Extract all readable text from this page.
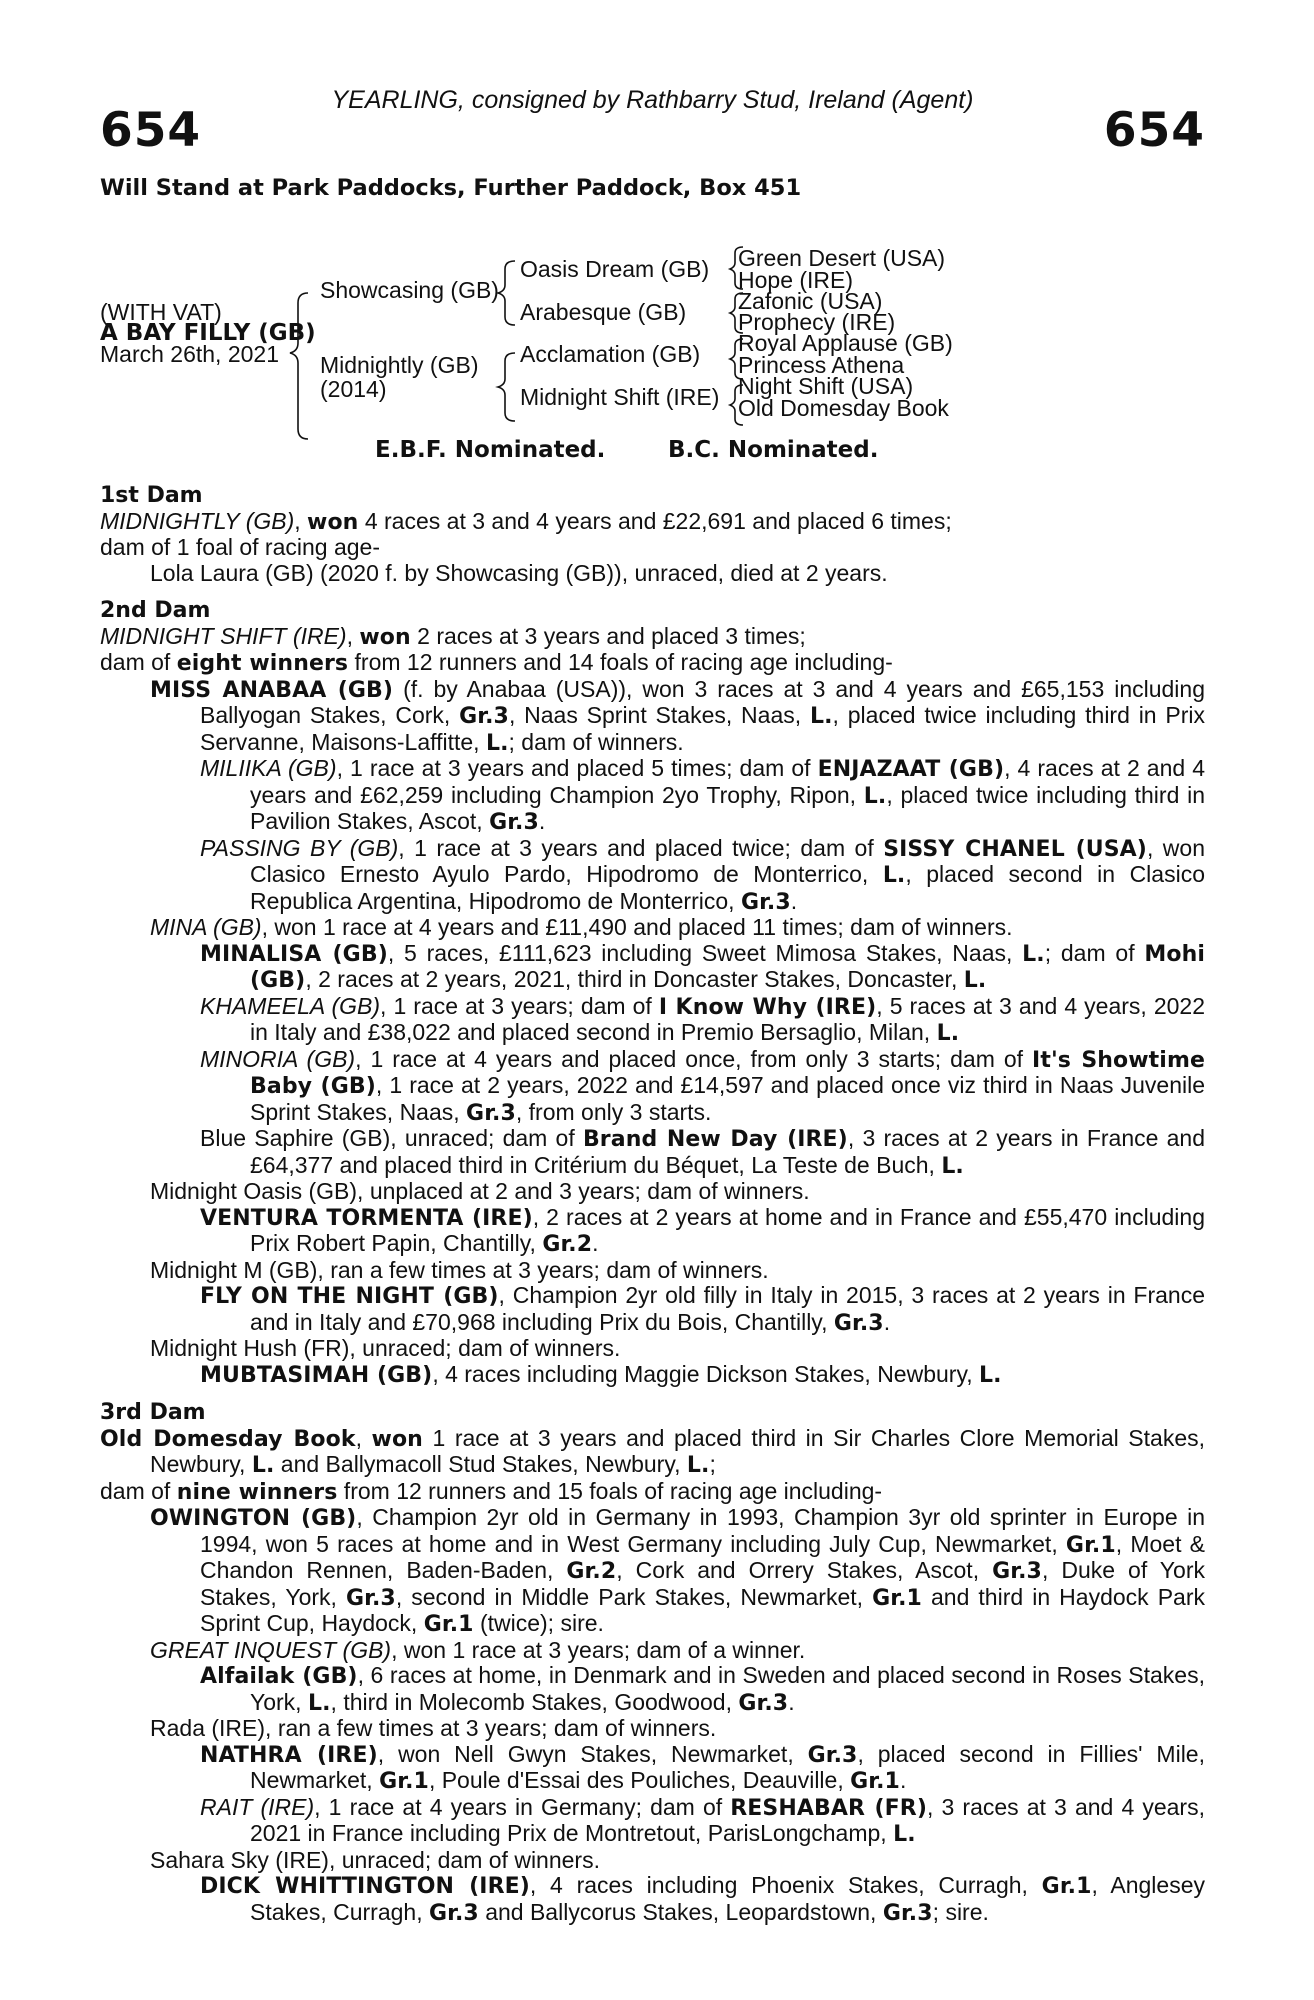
YEARLING, consigned by Rathbarry Stud, Ireland (Agent)
654	654
Will Stand at Park Paddocks, Further Paddock, Box 451
(WITH VAT)
A BAY FILLY (GB)
March 26th, 2021
Showcasing (GB)
Midnightly (GB)
(2014)
Oasis Dream (GB)
Arabesque (GB)
Acclamation (GB)
Midnight Shift (IRE)
Green Desert (USA)
Hope (IRE)
Zafonic (USA)
Prophecy (IRE)
Royal Applause (GB)
Princess Athena
Night Shift (USA)
Old Domesday Book
E.B.F. Nominated.	B.C. Nominated.
1st Dam
MIDNIGHTLY (GB), won 4 races at 3 and 4 years and £22,691 and placed 6 times;
dam of 1 foal of racing age-
Lola Laura (GB) (2020 f. by Showcasing (GB)), unraced, died at 2 years.
2nd Dam
MIDNIGHT SHIFT (IRE), won 2 races at 3 years and placed 3 times;
dam of eight winners from 12 runners and 14 foals of racing age including-
MISS ANABAA (GB) (f. by Anabaa (USA)), won 3 races at 3 and 4 years and £65,153 including Ballyogan Stakes, Cork, Gr.3, Naas Sprint Stakes, Naas, L., placed twice including third in Prix Servanne, Maisons-Laffitte, L.; dam of winners.
MILIIKA (GB), 1 race at 3 years and placed 5 times; dam of ENJAZAAT (GB), 4 races at 2 and 4 years and £62,259 including Champion 2yo Trophy, Ripon, L., placed twice including third in Pavilion Stakes, Ascot, Gr.3.
PASSING BY (GB), 1 race at 3 years and placed twice; dam of SISSY CHANEL (USA), won Clasico Ernesto Ayulo Pardo, Hipodromo de Monterrico, L., placed second in Clasico Republica Argentina, Hipodromo de Monterrico, Gr.3.
MINA (GB), won 1 race at 4 years and £11,490 and placed 11 times; dam of winners.
MINALISA (GB), 5 races, £111,623 including Sweet Mimosa Stakes, Naas, L.; dam of Mohi (GB), 2 races at 2 years, 2021, third in Doncaster Stakes, Doncaster, L.
KHAMEELA (GB), 1 race at 3 years; dam of I Know Why (IRE), 5 races at 3 and 4 years, 2022 in Italy and £38,022 and placed second in Premio Bersaglio, Milan, L.
MINORIA (GB), 1 race at 4 years and placed once, from only 3 starts; dam of It's Showtime Baby (GB), 1 race at 2 years, 2022 and £14,597 and placed once viz third in Naas Juvenile Sprint Stakes, Naas, Gr.3, from only 3 starts.
Blue Saphire (GB), unraced; dam of Brand New Day (IRE), 3 races at 2 years in France and £64,377 and placed third in Critérium du Béquet, La Teste de Buch, L.
Midnight Oasis (GB), unplaced at 2 and 3 years; dam of winners.
VENTURA TORMENTA (IRE), 2 races at 2 years at home and in France and £55,470 including Prix Robert Papin, Chantilly, Gr.2.
Midnight M (GB), ran a few times at 3 years; dam of winners.
FLY ON THE NIGHT (GB), Champion 2yr old filly in Italy in 2015, 3 races at 2 years in France and in Italy and £70,968 including Prix du Bois, Chantilly, Gr.3.
Midnight Hush (FR), unraced; dam of winners.
MUBTASIMAH (GB), 4 races including Maggie Dickson Stakes, Newbury, L.
3rd Dam
Old Domesday Book, won 1 race at 3 years and placed third in Sir Charles Clore Memorial Stakes, Newbury, L. and Ballymacoll Stud Stakes, Newbury, L.;
dam of nine winners from 12 runners and 15 foals of racing age including-
OWINGTON (GB), Champion 2yr old in Germany in 1993, Champion 3yr old sprinter in Europe in 1994, won 5 races at home and in West Germany including July Cup, Newmarket, Gr.1, Moet & Chandon Rennen, Baden-Baden, Gr.2, Cork and Orrery Stakes, Ascot, Gr.3, Duke of York Stakes, York, Gr.3, second in Middle Park Stakes, Newmarket, Gr.1 and third in Haydock Park Sprint Cup, Haydock, Gr.1 (twice); sire.
GREAT INQUEST (GB), won 1 race at 3 years; dam of a winner.
Alfailak (GB), 6 races at home, in Denmark and in Sweden and placed second in Roses Stakes, York, L., third in Molecomb Stakes, Goodwood, Gr.3.
Rada (IRE), ran a few times at 3 years; dam of winners.
NATHRA (IRE), won Nell Gwyn Stakes, Newmarket, Gr.3, placed second in Fillies' Mile, Newmarket, Gr.1, Poule d'Essai des Pouliches, Deauville, Gr.1.
RAIT (IRE), 1 race at 4 years in Germany; dam of RESHABAR (FR), 3 races at 3 and 4 years, 2021 in France including Prix de Montretout, ParisLongchamp, L.
Sahara Sky (IRE), unraced; dam of winners.
DICK WHITTINGTON (IRE), 4 races including Phoenix Stakes, Curragh, Gr.1, Anglesey Stakes, Curragh, Gr.3 and Ballycorus Stakes, Leopardstown, Gr.3; sire.
